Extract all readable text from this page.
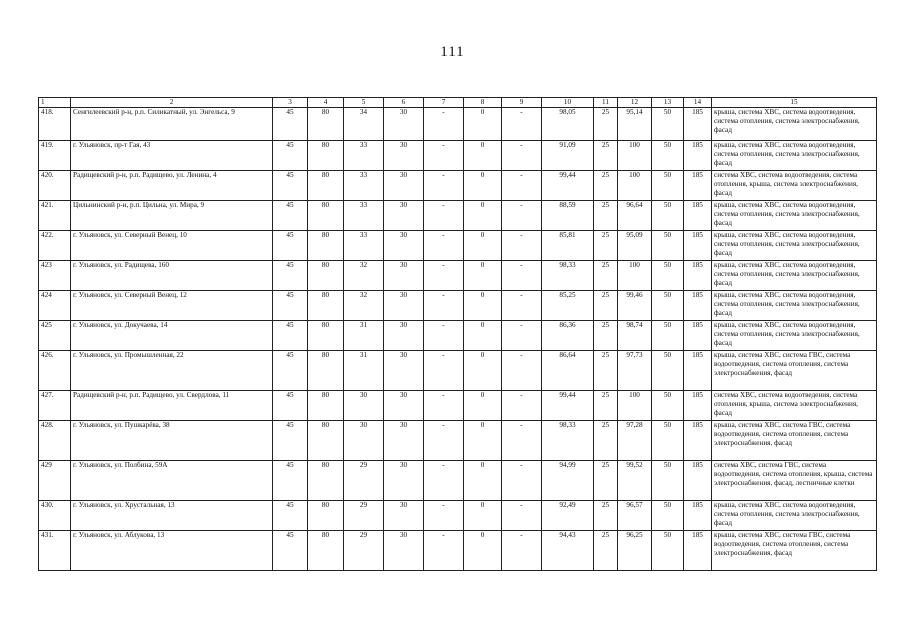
111
1	2	3	4	5	6	7	8	9	10	11	12	13	14	15
418.	Сенгилеевский р-н, р.п. Силикатный, ул. Энгельса, 9	45	80	34	30	-	0	-	98,05	25	95,14	50	185	крыша, система ХВС, система водоотведения, система отопления, система электроснабжения, фасад
419.	г. Ульяновск, пр-т Гая, 43	45	80	33	30	-	0	-	91,09	25	100	50	185	крыша, система ХВС, система водоотведения, система отопления, система электроснабжения, фасад
420.	Радищевский р-н, р.п. Радищево, ул. Ленина, 4	45	80	33	30	-	0	-	99,44	25	100	50	185	система ХВС, система водоотведения, система отопления, крыша, система электроснабжения, фасад
421.	Цильнинский р-н, р.п. Цильна, ул. Мира, 9	45	80	33	30	-	0	-	88,59	25	96,64	50	185	крыша, система ХВС, система водоотведения, система отопления, система электроснабжения, фасад
422.	г. Ульяновск, ул. Северный Венец, 10	45	80	33	30	-	0	-	85,81	25	95,09	50	185	крыша, система ХВС, система водоотведения, система отопления, система электроснабжения, фасад
423	г. Ульяновск, ул. Радищева, 160	45	80	32	30	-	0	-	98,33	25	100	50	185	крыша, система ХВС, система водоотведения, система отопления, система электроснабжения, фасад
424	г. Ульяновск, ул. Северный Венец, 12	45	80	32	30	-	0	-	85,25	25	99,46	50	185	крыша, система ХВС, система водоотведения, система отопления, система электроснабжения, фасад
425	г. Ульяновск, ул. Докучаева, 14	45	80	31	30	-	0	-	86,36	25	98,74	50	185	крыша, система ХВС, система водоотведения, система отопления, система электроснабжения, фасад
426.	г. Ульяновск, ул. Промышленная, 22	45	80	31	30	-	0	-	86,64	25	97,73	50	185	крыша, система ХВС, система ГВС, система водоотведения, система отопления, система электроснабжения, фасад
427.	Радищевский р-н, р.п. Радищево, ул. Свердлова, 11	45	80	30	30	-	0	-	99,44	25	100	50	185	система ХВС, система водоотведения, система отопления, крыша, система электроснабжения, фасад
428.	г. Ульяновск, ул. Пушкарёва, 38	45	80	30	30	-	0	-	98,33	25	97,28	50	185	крыша, система ХВС, система ГВС, система водоотведения, система отопления, система электроснабжения, фасад
429	г. Ульяновск, ул. Полбина, 59А	45	80	29	30	-	0	-	94,99	25	99,52	50	185	система ХВС, система ГВС, система водоотведения, система отопления, крыша, система электроснабжения, фасад, лестничные клетки
430.	г. Ульяновск, ул. Хрустальная, 13	45	80	29	30	-	0	-	92,49	25	96,57	50	185	крыша, система ХВС, система водоотведения, система отопления, система электроснабжения, фасад
431.	г. Ульяновск, ул. Аблукова, 13	45	80	29	30	-	0	-	94,43	25	96,25	50	185	крыша, система ХВС, система ГВС, система водоотведения, система отопления, система электроснабжения, фасад
